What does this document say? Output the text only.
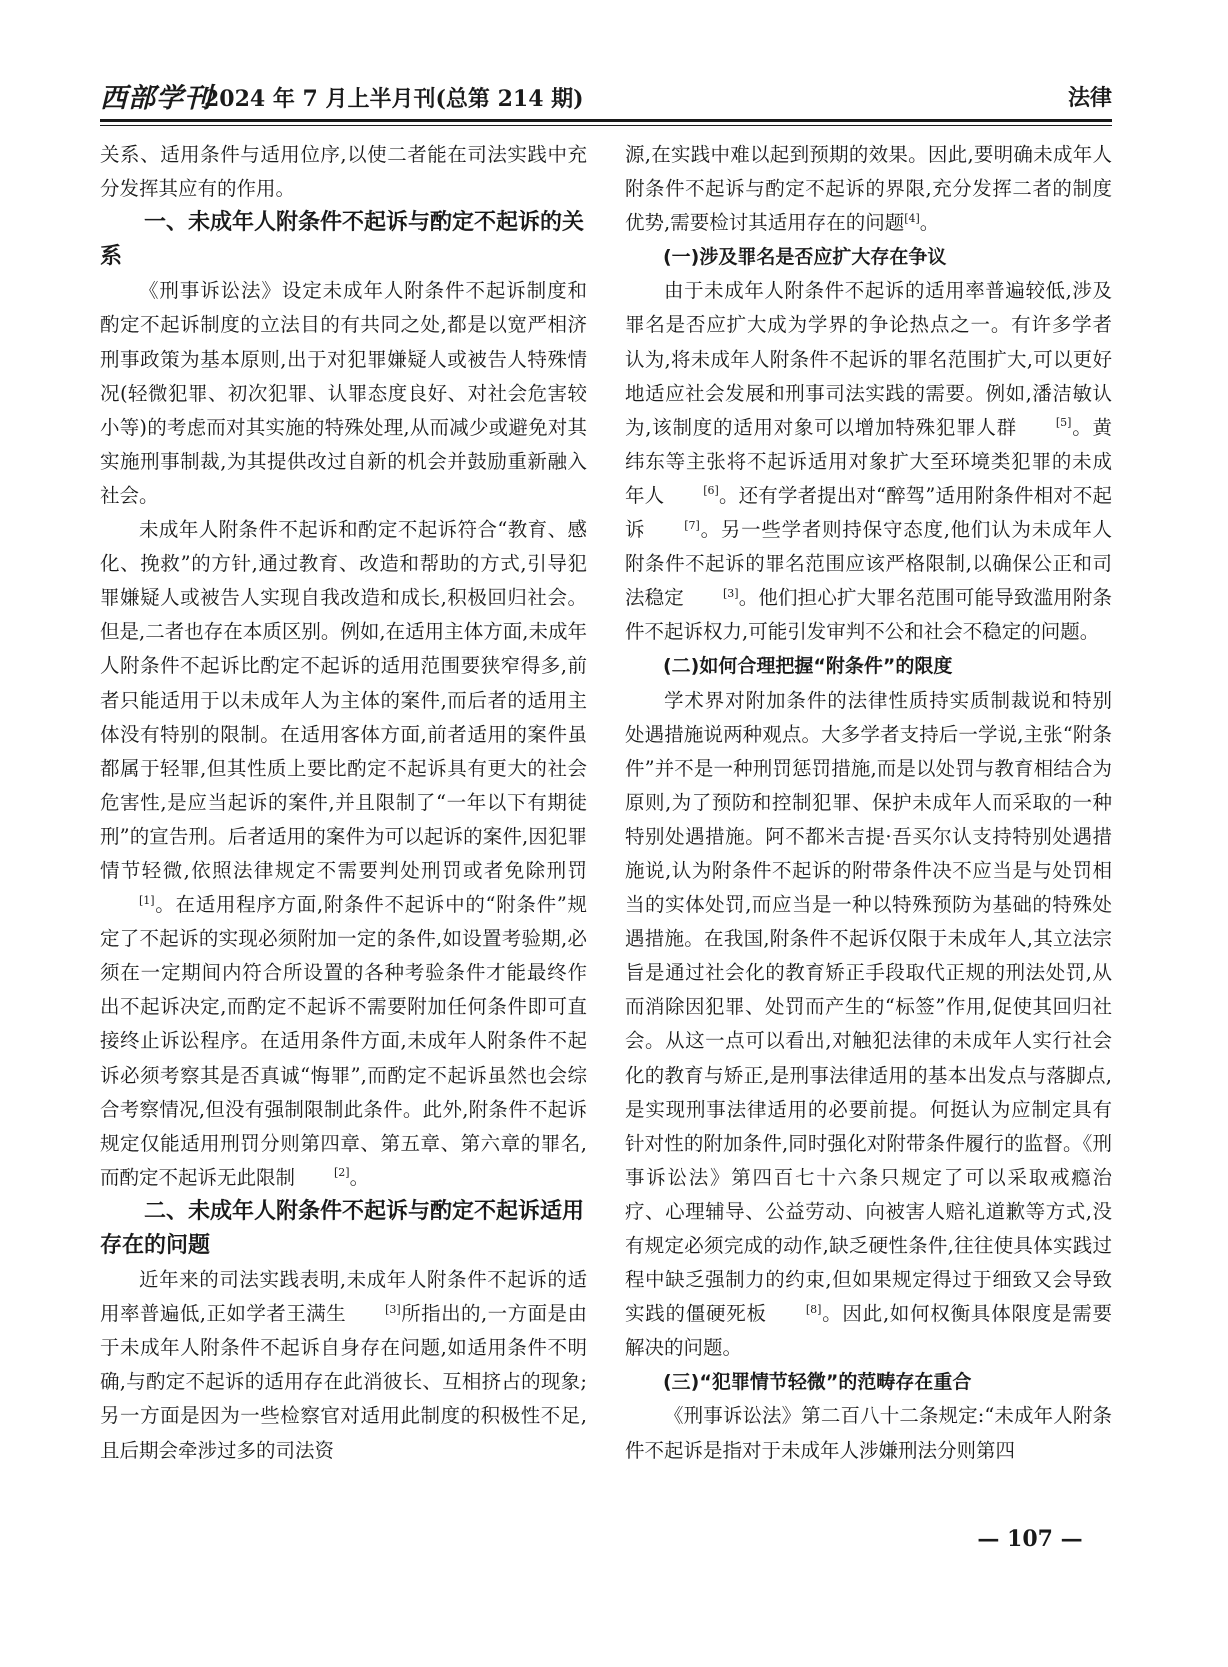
西部学刊
2024 年 7 月上半月刊(总第 214 期)	法律

关系、适用条件与适用位序,以使二者能在司法实践中充分发挥其应有的作用。

一、未成年人附条件不起诉与酌定不起诉的关系

《刑事诉讼法》设定未成年人附条件不起诉制度和酌定不起诉制度的立法目的有共同之处,都是以宽严相济刑事政策为基本原则,出于对犯罪嫌疑人或被告人特殊情况(轻微犯罪、初次犯罪、认罪态度良好、对社会危害较小等)的考虑而对其实施的特殊处理,从而减少或避免对其实施刑事制裁,为其提供改过自新的机会并鼓励重新融入社会。

未成年人附条件不起诉和酌定不起诉符合“教育、感化、挽救”的方针,通过教育、改造和帮助的方式,引导犯罪嫌疑人或被告人实现自我改造和成长,积极回归社会。但是,二者也存在本质区别。例如,在适用主体方面,未成年人附条件不起诉比酌定不起诉的适用范围要狭窄得多,前者只能适用于以未成年人为主体的案件,而后者的适用主体没有特别的限制。在适用客体方面,前者适用的案件虽都属于轻罪,但其性质上要比酌定不起诉具有更大的社会危害性,是应当起诉的案件,并且限制了“一年以下有期徒刑”的宣告刑。后者适用的案件为可以起诉的案件,因犯罪情节轻微,依照法律规定不需要判处刑罚或者免除刑罚[1]。在适用程序方面,附条件不起诉中的“附条件”规定了不起诉的实现必须附加一定的条件,如设置考验期,必须在一定期间内符合所设置的各种考验条件才能最终作出不起诉决定,而酌定不起诉不需要附加任何条件即可直接终止诉讼程序。在适用条件方面,未成年人附条件不起诉必须考察其是否真诚“悔罪”,而酌定不起诉虽然也会综合考察情况,但没有强制限制此条件。此外,附条件不起诉规定仅能适用刑罚分则第四章、第五章、第六章的罪名,而酌定不起诉无此限制	[2]。

二、未成年人附条件不起诉与酌定不起诉适用存在的问题

近年来的司法实践表明,未成年人附条件不起诉的适用率普遍低,正如学者王满生	[3]所指出的,一方面是由于未成年人附条件不起诉自身存在问题,如适用条件不明确,与酌定不起诉的适用存在此消彼长、互相挤占的现象;另一方面是因为一些检察官对适用此制度的积极性不足,且后期会牵涉过多的司法资

源,在实践中难以起到预期的效果。因此,要明确未成年人附条件不起诉与酌定不起诉的界限,充分发挥二者的制度优势,需要检讨其适用存在的问题[4]。

(一)涉及罪名是否应扩大存在争议

由于未成年人附条件不起诉的适用率普遍较低,涉及罪名是否应扩大成为学界的争论热点之一。有许多学者认为,将未成年人附条件不起诉的罪名范围扩大,可以更好地适应社会发展和刑事司法实践的需要。例如,潘洁敏认为,该制度的适用对象可以增加特殊犯罪人群	[5]。黄纬东等主张将不起诉适用对象扩大至环境类犯罪的未成年人	[6]。还有学者提出对“醉驾”适用附条件相对不起诉	[7]。另一些学者则持保守态度,他们认为未成年人附条件不起诉的罪名范围应该严格限制,以确保公正和司法稳定	[3]。他们担心扩大罪名范围可能导致滥用附条件不起诉权力,可能引发审判不公和社会不稳定的问题。

(二)如何合理把握“附条件”的限度

学术界对附加条件的法律性质持实质制裁说和特别处遇措施说两种观点。大多学者支持后一学说,主张“附条件”并不是一种刑罚惩罚措施,而是以处罚与教育相结合为原则,为了预防和控制犯罪、保护未成年人而采取的一种特别处遇措施。阿不都米吉提·吾买尔认支持特别处遇措施说,认为附条件不起诉的附带条件决不应当是与处罚相当的实体处罚,而应当是一种以特殊预防为基础的特殊处遇措施。在我国,附条件不起诉仅限于未成年人,其立法宗旨是通过社会化的教育矫正手段取代正规的刑法处罚,从而消除因犯罪、处罚而产生的“标签”作用,促使其回归社会。从这一点可以看出,对触犯法律的未成年人实行社会化的教育与矫正,是刑事法律适用的基本出发点与落脚点,是实现刑事法律适用的必要前提。何挺认为应制定具有针对性的附加条件,同时强化对附带条件履行的监督。《刑事诉讼法》第四百七十六条只规定了可以采取戒瘾治疗、心理辅导、公益劳动、向被害人赔礼道歉等方式,没有规定必须完成的动作,缺乏硬性条件,往往使具体实践过程中缺乏强制力的约束,但如果规定得过于细致又会导致实践的僵硬死板	[8]。因此,如何权衡具体限度是需要解决的问题。

(三)“犯罪情节轻微”的范畴存在重合

《刑事诉讼法》第二百八十二条规定:“未成年人附条件不起诉是指对于未成年人涉嫌刑法分则第四

— 107 —
